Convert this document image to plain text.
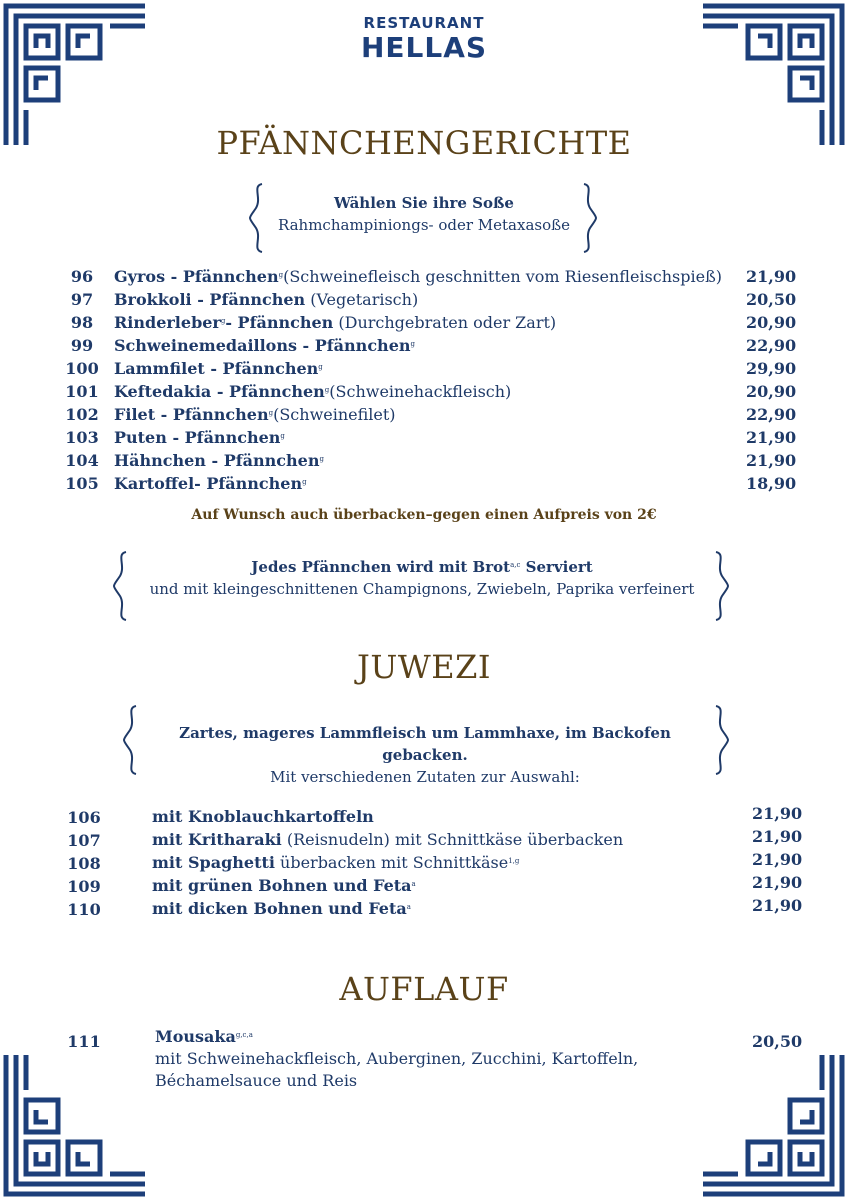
RESTAURANT
HELLAS
PFÄNNCHENGERICHTE
Wählen Sie ihre Soße
Rahmchampiniongs- oder Metaxasoße
96	Gyros - Pfännchen$^g$(Schweinefleisch geschnitten vom Riesenfleischspieß) 21,90
97	Brokkoli - Pfännchen (Vegetarisch)	20,50
98	Rinderleber$^g$- Pfännchen (Durchgebraten oder Zart)	20,90
99	Schweinemedaillons - Pfännchen$^g$	22,90
100 Lammfilet - Pfännchen$^g$	29,90
101 Keftedakia - Pfännchen$^g$(Schweinehackfleisch)	20,90
102 Filet - Pfännchen$^g$(Schweinefilet)	22,90
103 Puten - Pfännchen$^g$	21,90
104 Hähnchen - Pfännchen$^g$	21,90
105 Kartoffel- Pfännchen$^g$	18,90
Auf Wunsch auch überbacken–gegen einen Aufpreis von 2€
Jedes Pfännchen wird mit Brot$^{a,c}$ Serviert
und mit kleingeschnittenen Champignons, Zwiebeln, Paprika verfeinert
JUWEZI
Zartes, mageres Lammfleisch um Lammhaxe, im Backofen gebacken.
Mit verschiedenen Zutaten zur Auswahl:
106	mit Knoblauchkartoffeln	21,90
107	mit Kritharaki (Reisnudeln) mit Schnittkäse überbacken	21,90
108	mit Spaghetti überbacken mit Schnittkäse$^{1,g}$	21,90
109	mit grünen Bohnen und Feta$^a$	21,90
110	mit dicken Bohnen und Feta$^a$	21,90
AUFLAUF
111	Mousaka$^{g,c,a}$
mit Schweinehackfleisch, Auberginen, Zucchini, Kartoffeln,
Béchamelsauce und Reis
20,50
